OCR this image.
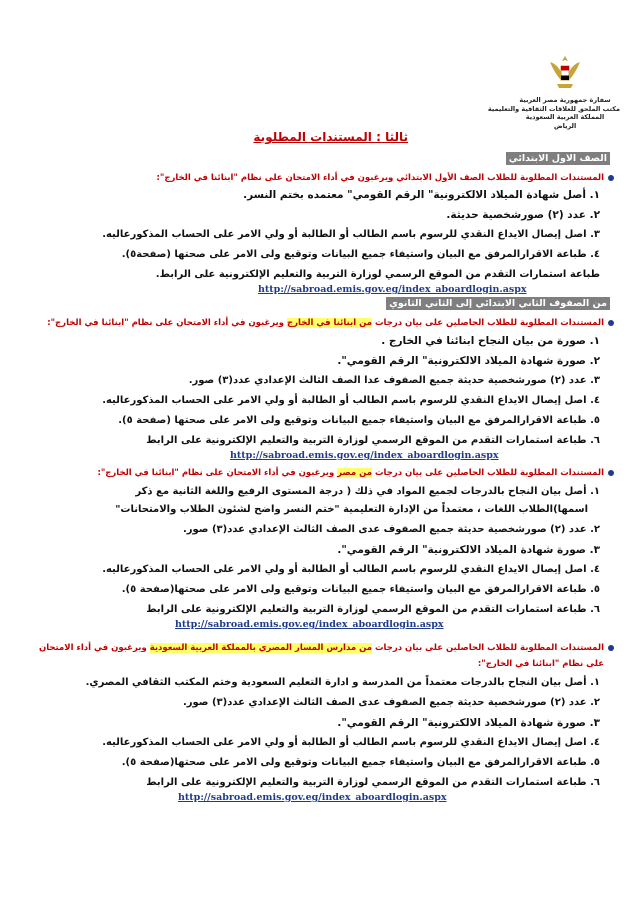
سفارة جمهورية مصر العربية
مكتب الملحق للعلاقات الثقافية والتعليمية
المملكة العربية السعودية
الرياض
ثالثا : المستندات المطلوبة
الصف الاول الابتدائي
المستندات المطلوبة للطلاب الصف الأول الابتدائي ويرغبون في أداء الامتحان على نظام "ابنائنا في الخارج":
١. أصل شهادة الميلاد الالكترونية" الرقم القومي" معتمده بختم النسر.
٢. عدد (٢) صورشخصية حديثة.
٣. اصل إيصال الايداع النقدي للرسوم باسم الطالب أو الطالبة أو ولي الامر على الحساب المذكورعاليه.
٤. طباعة الاقرارالمرفق مع البيان واستيفاء جميع البيانات وتوقيع ولى الامر على صحتها (صفحة٥).
طباعة استمارات التقدم من الموقع الرسمي لوزارة التربية والتعليم الإلكترونية على الرابط.
http://sabroad.emis.gov.eg/index_aboardlogin.aspx
من الصفوف الثاني الابتدائي إلى الثاني الثانوي
المستندات المطلوبة للطلاب الحاصلين على بيان درجات من ابنائنا في الخارج ويرغبون في أداء الامتحان على نظام "ابنائنا في الخارج":
١. صورة من بيان النجاح ابنائنا في الخارج .
٢. صورة شهادة الميلاد الالكترونية" الرقم القومي".
٣. عدد (٢) صورشخصية حديثة جميع الصفوف عدا الصف الثالث الإعدادي عدد(٣) صور.
٤. اصل إيصال الايداع النقدي للرسوم باسم الطالب أو الطالبة أو ولي الامر على الحساب المذكورعاليه.
٥. طباعة الاقرارالمرفق مع البيان واستيفاء جميع البيانات وتوقيع ولى الامر على صحتها (صفحة ٥).
٦. طباعة استمارات التقدم من الموقع الرسمي لوزارة التربية والتعليم الإلكترونية على الرابط
http://sabroad.emis.gov.eg/index_aboardlogin.aspx
المستندات المطلوبة للطلاب الحاصلين على بيان درجات من مصر ويرغبون في أداء الامتحان على نظام "ابنائنا في الخارج":
١. أصل بيان النجاح بالدرجات لجميع المواد في ذلك ( درجة المستوى الرفيع واللغة الثانية مع ذكر
اسمها)الطلاب اللغات ، معتمداً من الإدارة التعليمية "ختم النسر واضح لشئون الطلاب والامتحانات"
٢. عدد (٢) صورشخصية حديثة جميع الصفوف عدى الصف الثالث الإعدادي عدد(٣) صور.
٣. صورة شهادة الميلاد الالكترونية" الرقم القومي".
٤. اصل إيصال الايداع النقدي للرسوم باسم الطالب أو الطالبة أو ولي الامر على الحساب المذكورعاليه.
٥. طباعة الاقرارالمرفق مع البيان واستيفاء جميع البيانات وتوقيع ولى الامر على صحتها(صفحة ٥).
٦. طباعة استمارات التقدم من الموقع الرسمي لوزارة التربية والتعليم الإلكترونية على الرابط
http://sabroad.emis.gov.eg/index_aboardlogin.aspx
المستندات المطلوبة للطلاب الحاصلين على بيان درجات من مدارس المسار المصري بالمملكة العربية السعودية ويرغبون في أداء الامتحان
على نظام "ابنائنا في الخارج":
١. أصل بيان النجاح بالدرجات معتمداً من المدرسة و ادارة التعليم السعودية وختم المكتب الثقافي المصري.
٢. عدد (٢) صورشخصية حديثة جميع الصفوف عدى الصف الثالث الإعدادي عدد(٣) صور.
٣. صورة شهادة الميلاد الالكترونية" الرقم القومي".
٤. اصل إيصال الايداع النقدي للرسوم باسم الطالب أو الطالبة أو ولي الامر على الحساب المذكورعاليه.
٥. طباعة الاقرارالمرفق مع البيان واستيفاء جميع البيانات وتوقيع ولى الامر على صحتها(صفحة ٥).
٦. طباعة استمارات التقدم من الموقع الرسمي لوزارة التربية والتعليم الإلكترونية على الرابط
http://sabroad.emis.gov.eg/index_aboardlogin.aspx
